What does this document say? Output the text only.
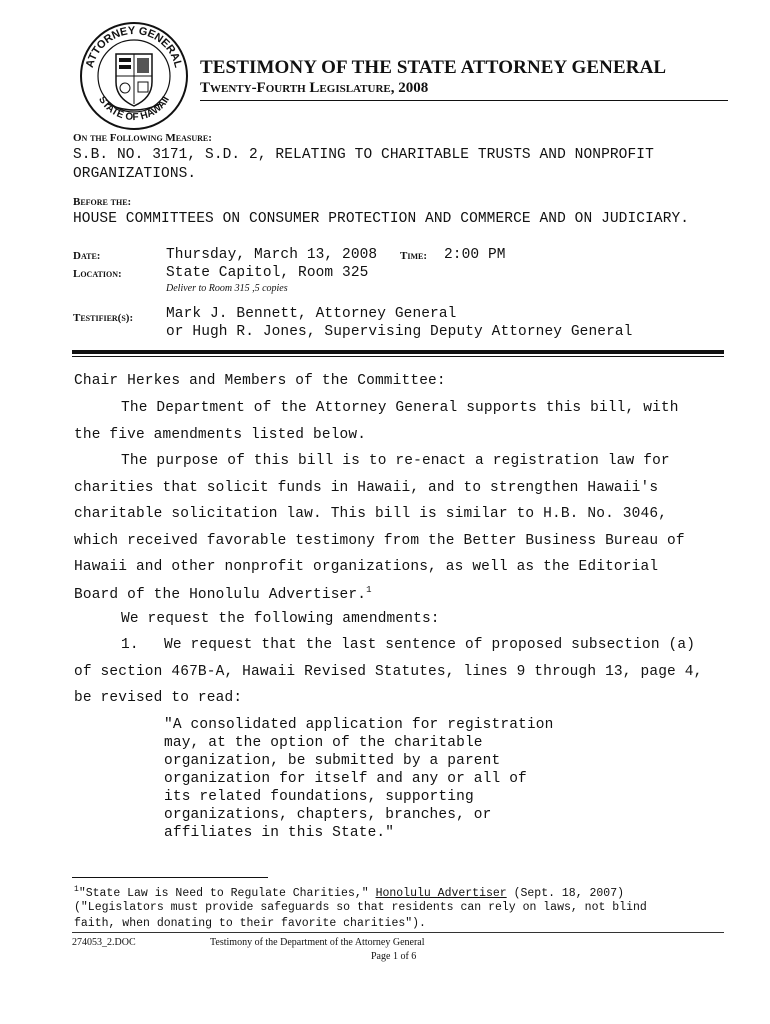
ATTORNEY GENERAL
STATE OF HAWAII
TESTIMONY OF THE STATE ATTORNEY GENERAL
Twenty-Fourth Legislature, 2008
On the Following Measure:
S.B. NO. 3171, S.D. 2, RELATING TO CHARITABLE TRUSTS AND NONPROFIT
ORGANIZATIONS.
Before the:
HOUSE COMMITTEES ON CONSUMER PROTECTION AND COMMERCE AND ON JUDICIARY.
Date:	Thursday, March 13, 2008 Time: 2:00 PM
Location:	State Capitol, Room 325
Deliver to Room 315 ,5 copies
Testifier(s): Mark J. Bennett, Attorney General
or Hugh R. Jones, Supervising Deputy Attorney General
Chair Herkes and Members of the Committee:
The Department of the Attorney General supports this bill, with
the five amendments listed below.
The purpose of this bill is to re-enact a registration law for
charities that solicit funds in Hawaii, and to strengthen Hawaii's
charitable solicitation law. This bill is similar to H.B. No. 3046,
which received favorable testimony from the Better Business Bureau of
Hawaii and other nonprofit organizations, as well as the Editorial
Board of the Honolulu Advertiser.$^1$
We request the following amendments:
1. We request that the last sentence of proposed subsection (a)
of section 467B-A, Hawaii Revised Statutes, lines 9 through 13, page 4,
be revised to read:
"A consolidated application for registration
may, at the option of the charitable
organization, be submitted by a parent
organization for itself and any or all of
its related foundations, supporting
organizations, chapters, branches, or
affiliates in this State."
$^1$"State Law is Need to Regulate Charities," Honolulu Advertiser (Sept. 18, 2007)
("Legislators must provide safeguards so that residents can rely on laws, not blind
faith, when donating to their favorite charities").
274053_2.DOC	Testimony of the Department of the Attorney General
Page 1 of 6
